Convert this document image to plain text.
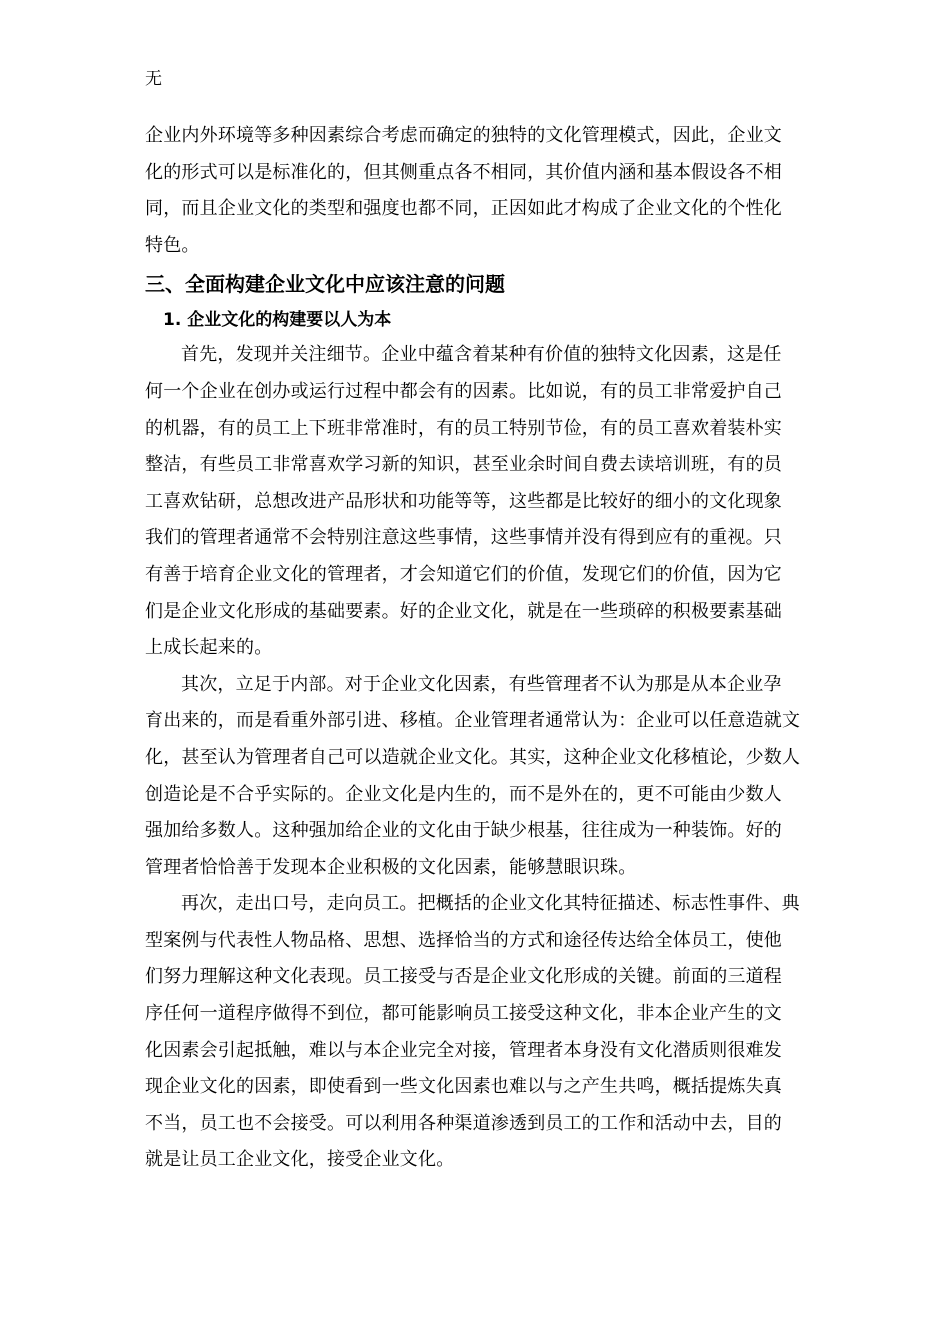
无
企业内外环境等多种因素综合考虑而确定的独特的文化管理模式，因此，企业文
化的形式可以是标准化的，但其侧重点各不相同，其价值内涵和基本假设各不相
同，而且企业文化的类型和强度也都不同，正因如此才构成了企业文化的个性化
特色。
三、全面构建企业文化中应该注意的问题
1. 企业文化的构建要以人为本
首先，发现并关注细节。企业中蕴含着某种有价值的独特文化因素，这是任
何一个企业在创办或运行过程中都会有的因素。比如说，有的员工非常爱护自己
的机器，有的员工上下班非常准时，有的员工特别节俭，有的员工喜欢着装朴实
整洁，有些员工非常喜欢学习新的知识，甚至业余时间自费去读培训班，有的员
工喜欢钻研，总想改进产品形状和功能等等，这些都是比较好的细小的文化现象
我们的管理者通常不会特别注意这些事情，这些事情并没有得到应有的重视。只
有善于培育企业文化的管理者，才会知道它们的价值，发现它们的价值，因为它
们是企业文化形成的基础要素。好的企业文化，就是在一些琐碎的积极要素基础
上成长起来的。
其次，立足于内部。对于企业文化因素，有些管理者不认为那是从本企业孕
育出来的，而是看重外部引进、移植。企业管理者通常认为：企业可以任意造就文
化，甚至认为管理者自己可以造就企业文化。其实，这种企业文化移植论，少数人
创造论是不合乎实际的。企业文化是内生的，而不是外在的，更不可能由少数人
强加给多数人。这种强加给企业的文化由于缺少根基，往往成为一种装饰。好的
管理者恰恰善于发现本企业积极的文化因素，能够慧眼识珠。
再次，走出口号，走向员工。把概括的企业文化其特征描述、标志性事件、典
型案例与代表性人物品格、思想、选择恰当的方式和途径传达给全体员工，使他
们努力理解这种文化表现。员工接受与否是企业文化形成的关键。前面的三道程
序任何一道程序做得不到位，都可能影响员工接受这种文化，非本企业产生的文
化因素会引起抵触，难以与本企业完全对接，管理者本身没有文化潜质则很难发
现企业文化的因素，即使看到一些文化因素也难以与之产生共鸣，概括提炼失真
不当，员工也不会接受。可以利用各种渠道渗透到员工的工作和活动中去，目的
就是让员工企业文化，接受企业文化。
